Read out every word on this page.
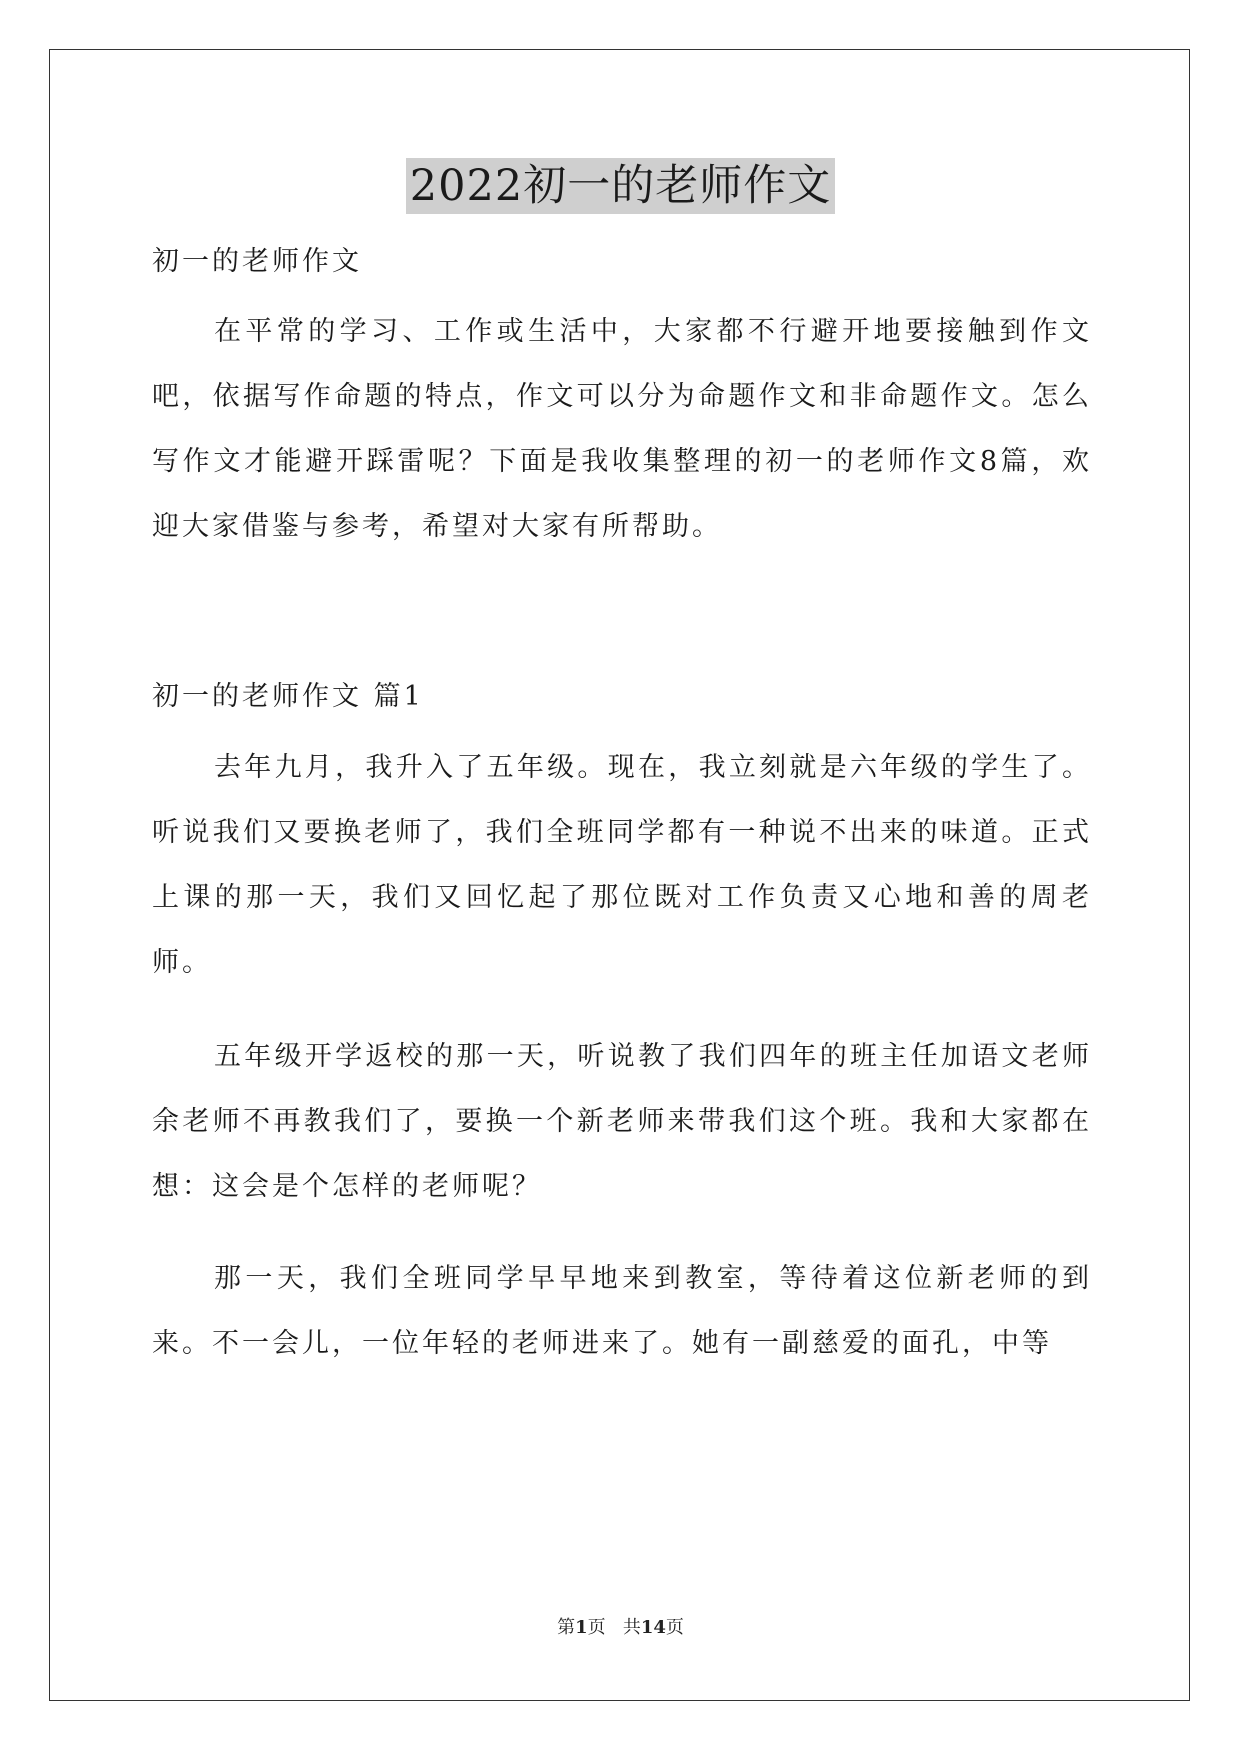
2022初一的老师作文

初一的老师作文

在平常的学习、工作或生活中，大家都不行避开地要接触到作文吧，依据写作命题的特点，作文可以分为命题作文和非命题作文。怎么写作文才能避开踩雷呢？下面是我收集整理的初一的老师作文8篇，欢迎大家借鉴与参考，希望对大家有所帮助。

初一的老师作文 篇1

去年九月，我升入了五年级。现在，我立刻就是六年级的学生了。听说我们又要换老师了，我们全班同学都有一种说不出来的味道。正式上课的那一天，我们又回忆起了那位既对工作负责又心地和善的周老师。

五年级开学返校的那一天，听说教了我们四年的班主任加语文老师余老师不再教我们了，要换一个新老师来带我们这个班。我和大家都在想：这会是个怎样的老师呢？

那一天，我们全班同学早早地来到教室，等待着这位新老师的到来。不一会儿，一位年轻的老师进来了。她有一副慈爱的面孔，中等

第1页 共14页
